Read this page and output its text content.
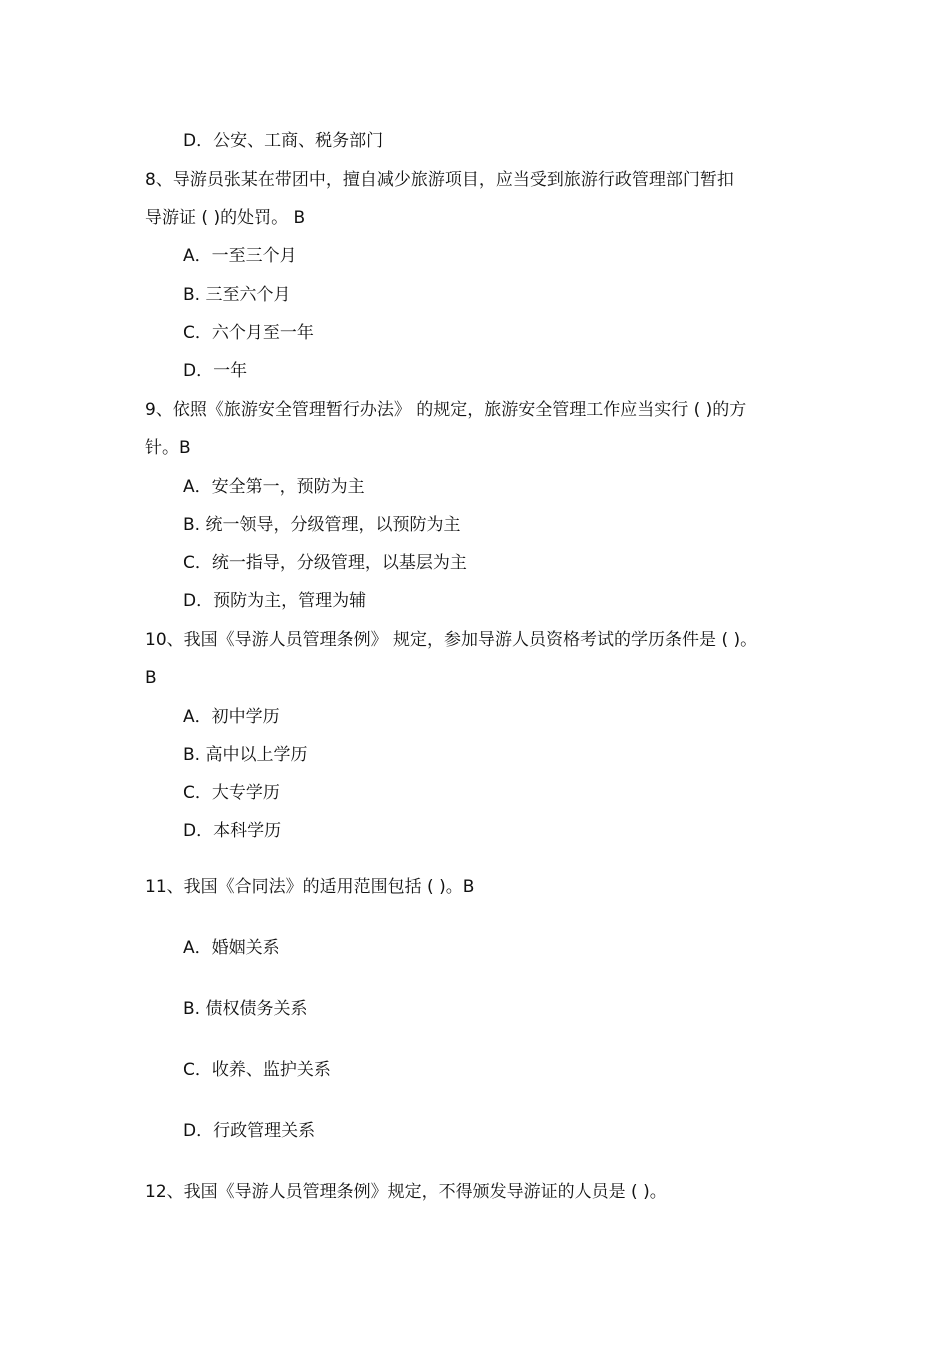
D．公安、工商、税务部门
8、导游员张某在带团中，擅自减少旅游项目，应当受到旅游行政管理部门暂扣
导游证 ( )的处罚。 B
A．一至三个月
B. 三至六个月
C．六个月至一年
D．一年
9、依照《旅游安全管理暂行办法》 的规定，旅游安全管理工作应当实行 ( )的方
针。B
A．安全第一，预防为主
B. 统一领导，分级管理，以预防为主
C．统一指导，分级管理，以基层为主
D．预防为主，管理为辅
10、我国《导游人员管理条例》 规定，参加导游人员资格考试的学历条件是 ( )。
B
A．初中学历
B. 高中以上学历
C．大专学历
D．本科学历
11、我国《合同法》的适用范围包括 ( )。B
A．婚姻关系
B. 债权债务关系
C．收养、监护关系
D．行政管理关系
12、我国《导游人员管理条例》规定，不得颁发导游证的人员是 ( )。
